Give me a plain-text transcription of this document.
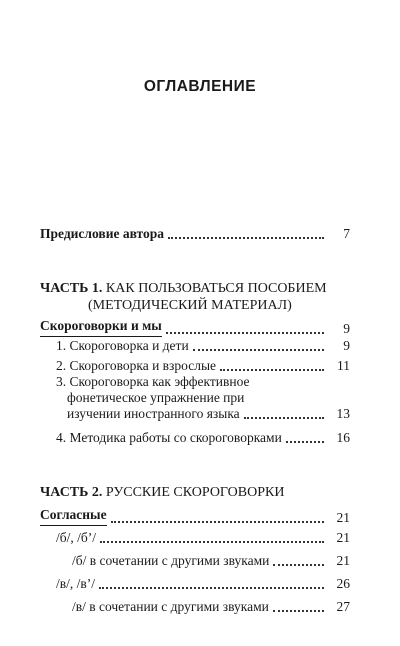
ОГЛАВЛЕНИЕ
Предисловие автора	7
ЧАСТЬ 1. КАК ПОЛЬЗОВАТЬСЯ ПОСОБИЕМ
(МЕТОДИЧЕСКИЙ МАТЕРИАЛ)
Скороговорки и мы	9
1. Скороговорка и дети	9
2. Скороговорка и взрослые	11
3. Скороговорка как эффективное
фонетическое упражнение при
изучении иностранного языка	13
4. Методика работы со скороговорками	16
ЧАСТЬ 2. РУССКИЕ СКОРОГОВОРКИ
Согласные	21
/б/, /б’/	21
/б/ в сочетании с другими звуками	21
/в/, /в’/	26
/в/ в сочетании с другими звуками	27
